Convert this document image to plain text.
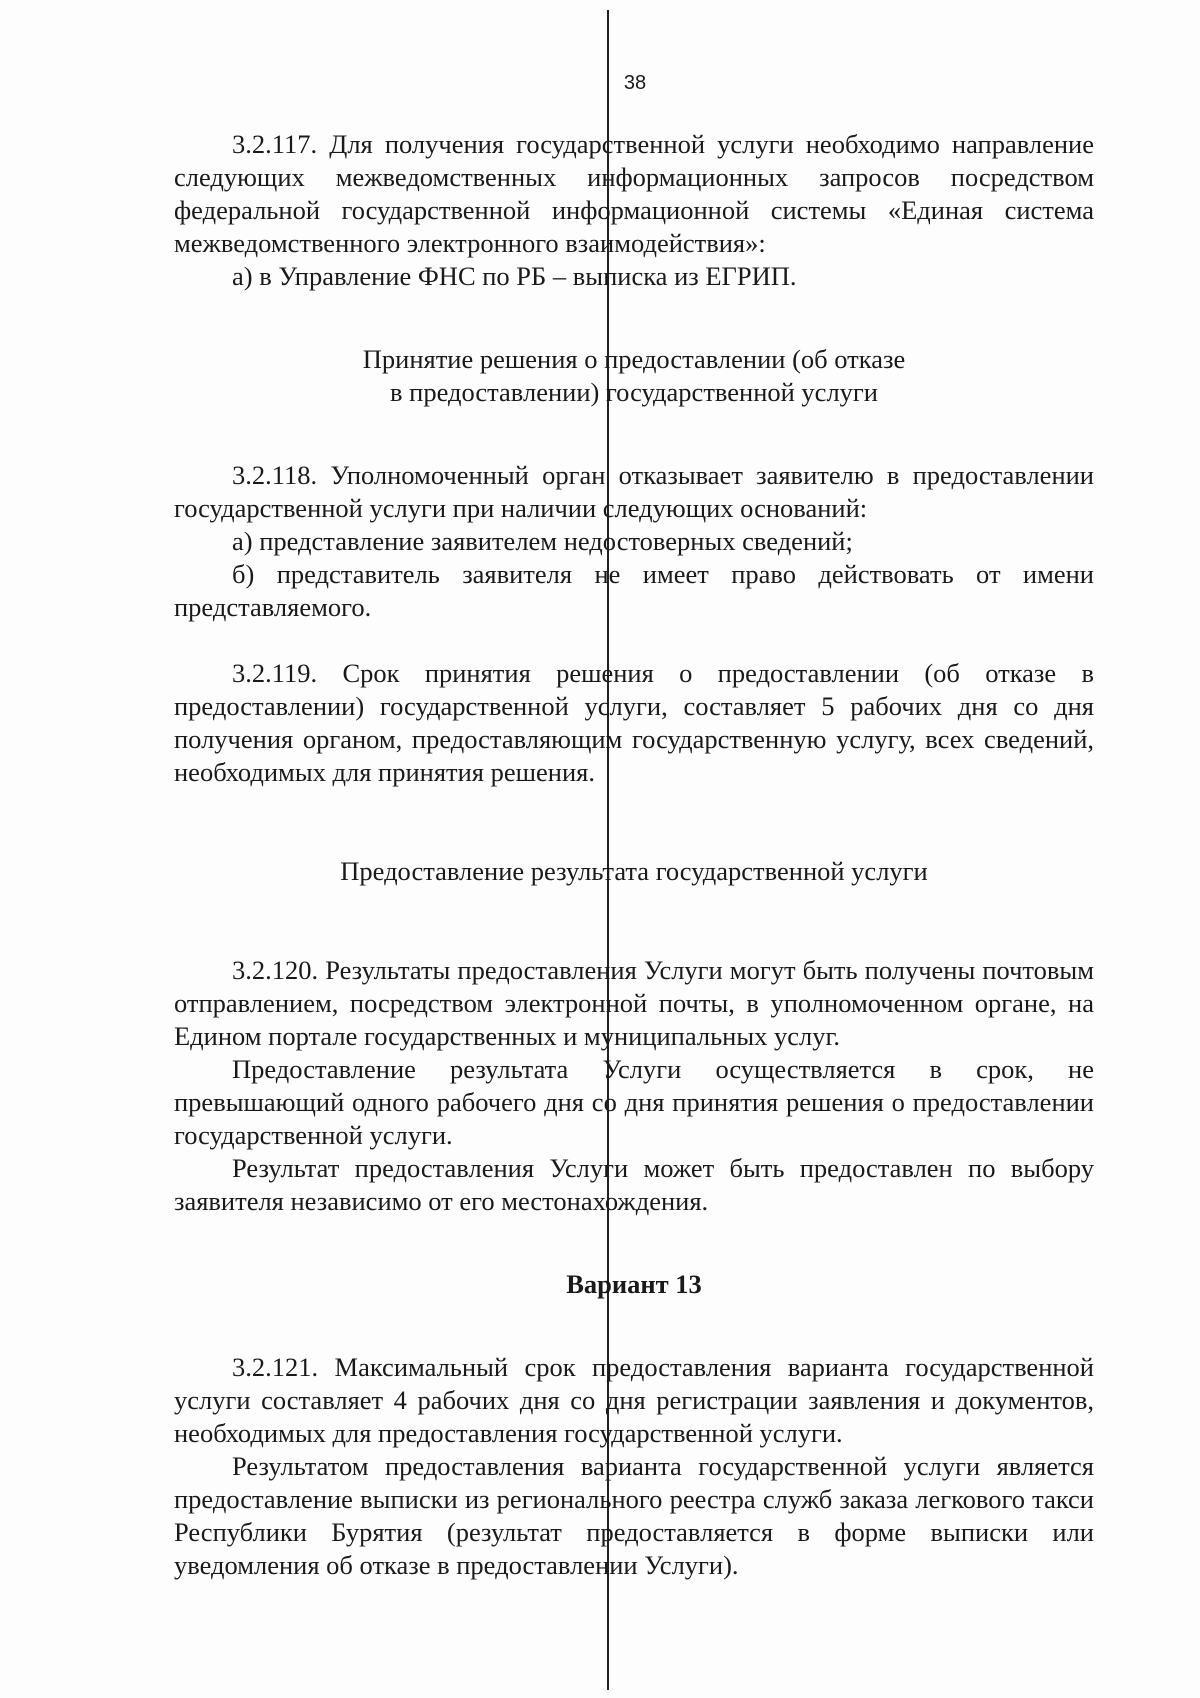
38

3.2.117. Для получения государственной услуги необходимо направление следующих межведомственных информационных запросов посредством федеральной государственной информационной системы «Единая система межведомственного электронного взаимодействия»:

а) в Управление ФНС по РБ – выписка из ЕГРИП.

Принятие решения о предоставлении (об отказе

в предоставлении) государственной услуги

3.2.118. Уполномоченный орган отказывает заявителю в предоставлении государственной услуги при наличии следующих оснований:

а) представление заявителем недостоверных сведений;

б) представитель заявителя не имеет право действовать от имени представляемого.

3.2.119. Срок принятия решения о предоставлении (об отказе в предоставлении) государственной услуги, составляет 5 рабочих дня со дня получения органом, предоставляющим государственную услугу, всех сведений, необходимых для принятия решения.

Предоставление результата государственной услуги

3.2.120. Результаты предоставления Услуги могут быть получены почтовым отправлением, посредством электронной почты, в уполномоченном органе, на Едином портале государственных и муниципальных услуг.

Предоставление результата Услуги осуществляется в срок, не превышающий одного рабочего дня со дня принятия решения о предоставлении государственной услуги.

Результат предоставления Услуги может быть предоставлен по выбору заявителя независимо от его местонахождения.

Вариант 13

3.2.121. Максимальный срок предоставления варианта государственной услуги составляет 4 рабочих дня со дня регистрации заявления и документов, необходимых для предоставления государственной услуги.

Результатом предоставления варианта государственной услуги является предоставление выписки из регионального реестра служб заказа легкового такси Республики Бурятия (результат предоставляется в форме выписки или уведомления об отказе в предоставлении Услуги).
